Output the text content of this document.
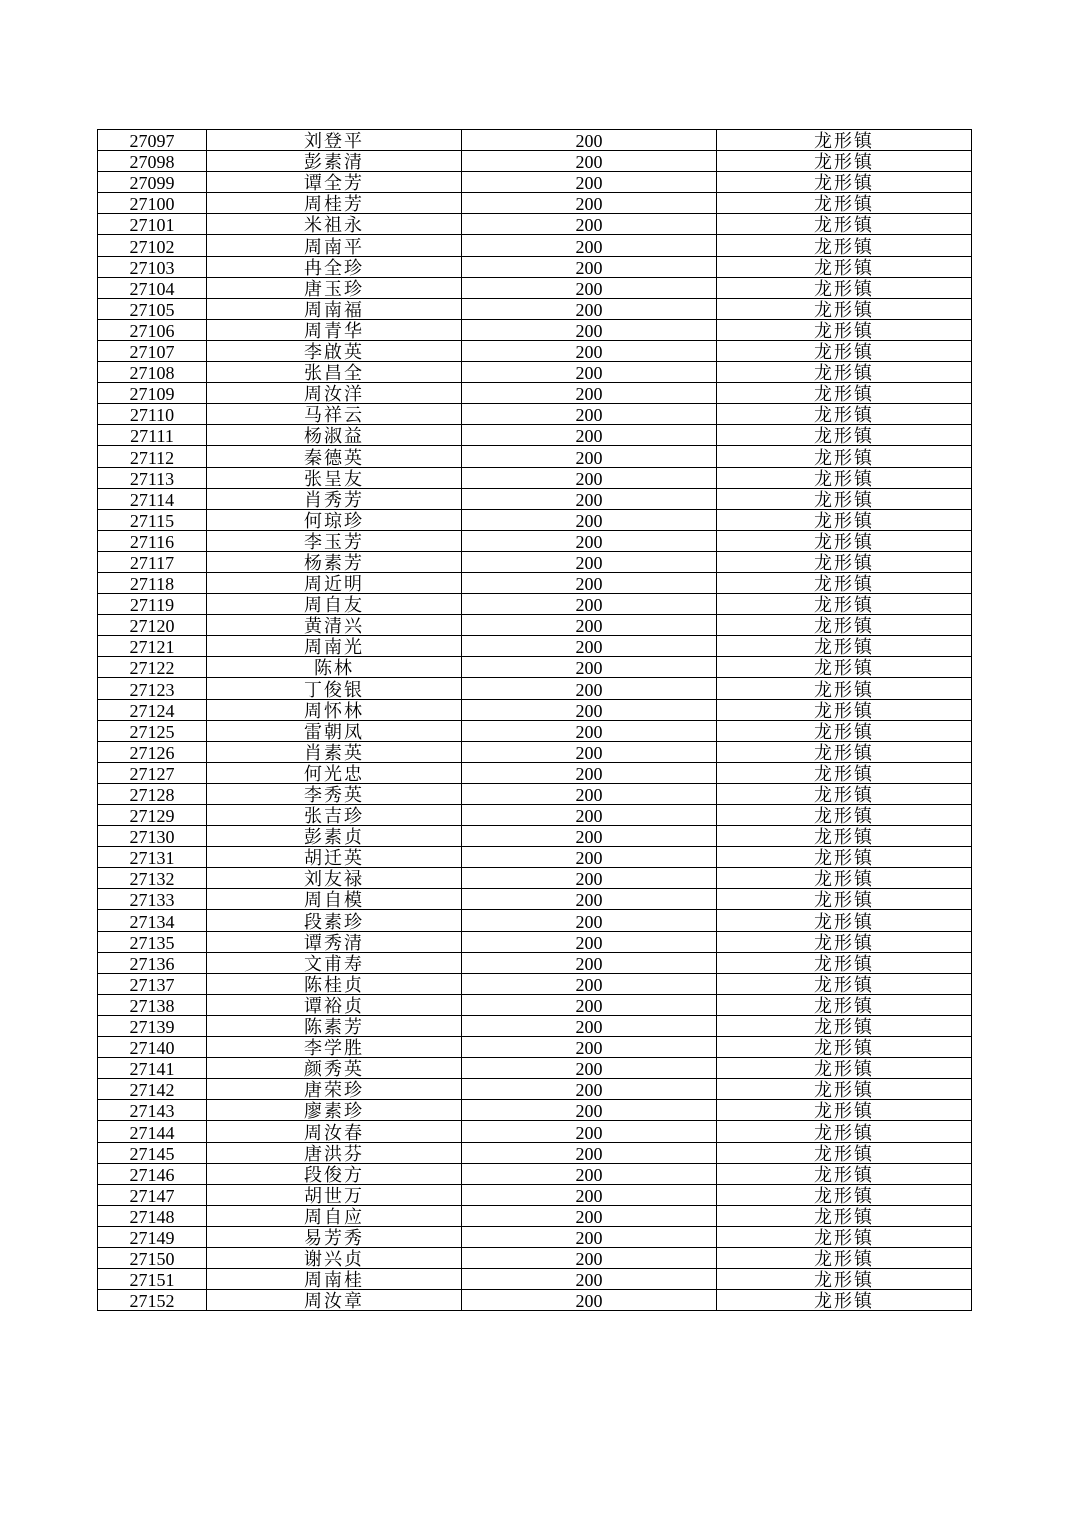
27097	刘登平	200	龙形镇
27098	彭素清	200	龙形镇
27099	谭全芳	200	龙形镇
27100	周桂芳	200	龙形镇
27101	米祖永	200	龙形镇
27102	周南平	200	龙形镇
27103	冉全珍	200	龙形镇
27104	唐玉珍	200	龙形镇
27105	周南福	200	龙形镇
27106	周青华	200	龙形镇
27107	李啟英	200	龙形镇
27108	张昌全	200	龙形镇
27109	周汝洋	200	龙形镇
27110	马祥云	200	龙形镇
27111	杨淑益	200	龙形镇
27112	秦德英	200	龙形镇
27113	张呈友	200	龙形镇
27114	肖秀芳	200	龙形镇
27115	何琼珍	200	龙形镇
27116	李玉芳	200	龙形镇
27117	杨素芳	200	龙形镇
27118	周近明	200	龙形镇
27119	周自友	200	龙形镇
27120	黄清兴	200	龙形镇
27121	周南光	200	龙形镇
27122	陈林	200	龙形镇
27123	丁俊银	200	龙形镇
27124	周怀林	200	龙形镇
27125	雷朝凤	200	龙形镇
27126	肖素英	200	龙形镇
27127	何光忠	200	龙形镇
27128	李秀英	200	龙形镇
27129	张吉珍	200	龙形镇
27130	彭素贞	200	龙形镇
27131	胡迁英	200	龙形镇
27132	刘友禄	200	龙形镇
27133	周自模	200	龙形镇
27134	段素珍	200	龙形镇
27135	谭秀清	200	龙形镇
27136	文甫寿	200	龙形镇
27137	陈桂贞	200	龙形镇
27138	谭裕贞	200	龙形镇
27139	陈素芳	200	龙形镇
27140	李学胜	200	龙形镇
27141	颜秀英	200	龙形镇
27142	唐荣珍	200	龙形镇
27143	廖素珍	200	龙形镇
27144	周汝春	200	龙形镇
27145	唐洪芬	200	龙形镇
27146	段俊方	200	龙形镇
27147	胡世万	200	龙形镇
27148	周自应	200	龙形镇
27149	易芳秀	200	龙形镇
27150	谢兴贞	200	龙形镇
27151	周南桂	200	龙形镇
27152	周汝章	200	龙形镇
